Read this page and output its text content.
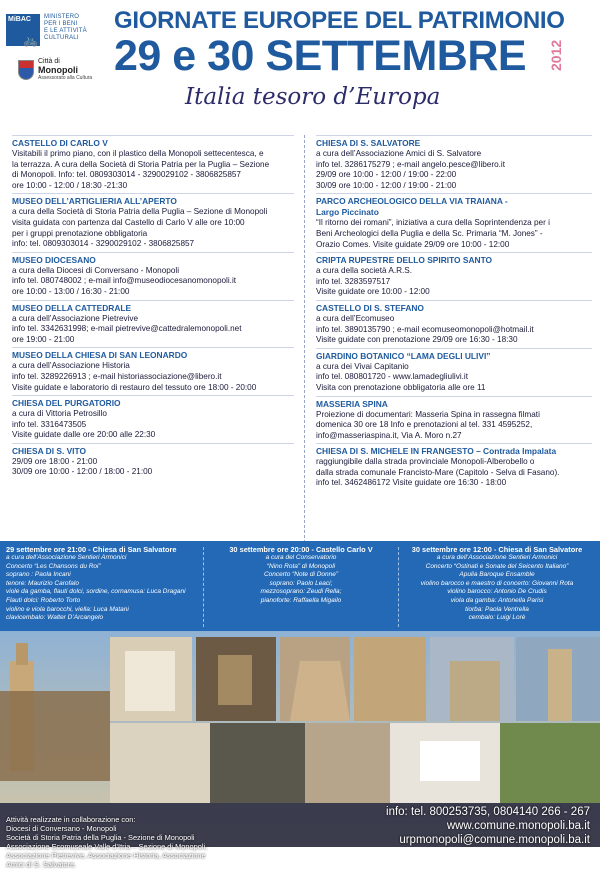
MiBAC
🚲
MINISTERO
PER I BENI
E LE ATTIVITÀ
CULTURALI
Città di
Monopoli
Assessorato alla Cultura
GIORNATE EUROPEE DEL PATRIMONIO
29 e 30 SETTEMBRE 2012
Italia tesoro d’Europa
CASTELLO DI CARLO V
Visitabili il primo piano, con il plastico della Monopoli settecentesca, e
la terrazza. A cura della Società di Storia Patria per la Puglia – Sezione
di Monopoli. Info: tel. 0809303014 - 3290029102 - 3806825857
ore 10:00 - 12:00 / 18:30 -21:30
MUSEO DELL’ARTIGLIERIA ALL’APERTO
a cura della Società di Storia Patria della Puglia – Sezione di Monopoli
visita guidata con partenza dal Castello di Carlo V alle ore 10:00
per i gruppi prenotazione obbligatoria
info: tel. 0809303014 - 3290029102 - 3806825857
MUSEO DIOCESANO
a cura della Diocesi di Conversano - Monopoli
info tel. 080748002 ; e-mail info@museodiocesanomonopoli.it
ore 10:00 - 13:00 / 16:30 - 21:00
MUSEO DELLA CATTEDRALE
a cura dell’Associazione Pietrevive
info tel. 3342631998; e-mail pietrevive@cattedralemonopoli.net
ore 19:00 - 21:00
MUSEO DELLA CHIESA DI SAN LEONARDO
a cura dell’Associazione Historia
info tel. 3289226913 ; e-mail historiassociazione@libero.it
Visite guidate e laboratorio di restauro del tessuto ore 18:00 - 20:00
CHIESA DEL PURGATORIO
a cura di Vittoria Petrosillo
info tel. 3316473505
Visite guidate dalle ore 20:00 alle 22:30
CHIESA DI S. VITO
29/09 ore 18:00 - 21:00
30/09 ore 10:00 - 12:00 / 18:00 - 21:00
CHIESA DI S. SALVATORE
a cura dell’Associazione Amici di S. Salvatore
info tel. 3286175279 ; e-mail angelo.pesce@libero.it
29/09 ore 10:00 - 12:00 / 19:00 - 22:00
30/09 ore 10:00 - 12:00 / 19:00 - 21:00
PARCO ARCHEOLOGICO DELLA VIA TRAIANA -
Largo Piccinato
“Il ritorno dei romani”, iniziativa a cura della Soprintendenza per i
Beni Archeologici della Puglia e della Sc. Primaria “M. Jones” -
Orazio Comes. Visite guidate 29/09 ore 10:00 - 12:00
CRIPTA RUPESTRE DELLO SPIRITO SANTO
a cura della società A.R.S.
info tel. 3283597517
Visite guidate ore 10:00 - 12:00
CASTELLO DI S. STEFANO
a cura dell’Ecomuseo
info tel. 3890135790 ; e-mail ecomuseomonopoli@hotmail.it
Visite guidate con prenotazione 29/09 ore 16:30 - 18:30
GIARDINO BOTANICO “LAMA DEGLI ULIVI”
a cura dei Vivai Capitanio
info tel. 080801720 - www.lamadegliulivi.it
Visita con prenotazione obbligatoria alle ore 11
MASSERIA SPINA
Proiezione di documentari: Masseria Spina in rassegna filmati
domenica 30 ore 18 Info e prenotazioni al tel. 331 4595252,
info@masseriaspina.it, Via A. Moro n.27
CHIESA DI S. MICHELE IN FRANGESTO – Contrada Impalata
raggiungibile dalla strada provinciale Monopoli-Alberobello o
dalla strada comunale Francisto-Mare (Capitolo - Selva di Fasano).
info tel. 3462486172 Visite guidate ore 16:30 - 18:00
29 settembre ore 21:00 - Chiesa di San Salvatore
a cura dell’Associazione Sentieri Armonici
Concerto “Les Chansons du Roi”
soprano : Paola Incani
tenore: Maurizio Carofalo
viole da gamba, flauti dolci, sordine, cornamusa: Luca Dragani
Flauti dolci: Roberto Torto
violino e viola barocchi, viella: Luca Matani
clavicembalo: Walter D’Arcangelo
30 settembre ore 20:00 - Castello Carlo V
a cura del Conservatorio
“Nino Rota” di Monopoli
Concerto “Note di Donne”
soprano: Paolo Leaci;
mezzosoprano: Zeudi Rella;
pianoforte: Raffaella Migailo
30 settembre ore 12:00 - Chiesa di San Salvatore
a cura dell’Associazione Sentieri Armonici
Concerto “Ostinati e Sonate del Seicento Italiano”
Apulia Baroque Ensamble
violino barocco e maestro di concerto: Giovanni Rota
violino barocco: Antonio De Crudis
viola da gamba: Antonella Parisi
tiorba: Paola Ventrella
cembalo: Luigi Lorè
Attività realizzate in collaborazione con:
Diocesi di Conversano - Monopoli
Società di Storia Patria della Puglia - Sezione di Monopoli
Associazione Ecomuseale Valle d’Itria – Sezione di Monopoli,
Associazione Pietrevive, Associazione Historia, Associazione
Amici di S. Salvatore.
info: tel. 800253735, 0804140 266 - 267
www.comune.monopoli.ba.it
urpmonopoli@comune.monopoli.ba.it
